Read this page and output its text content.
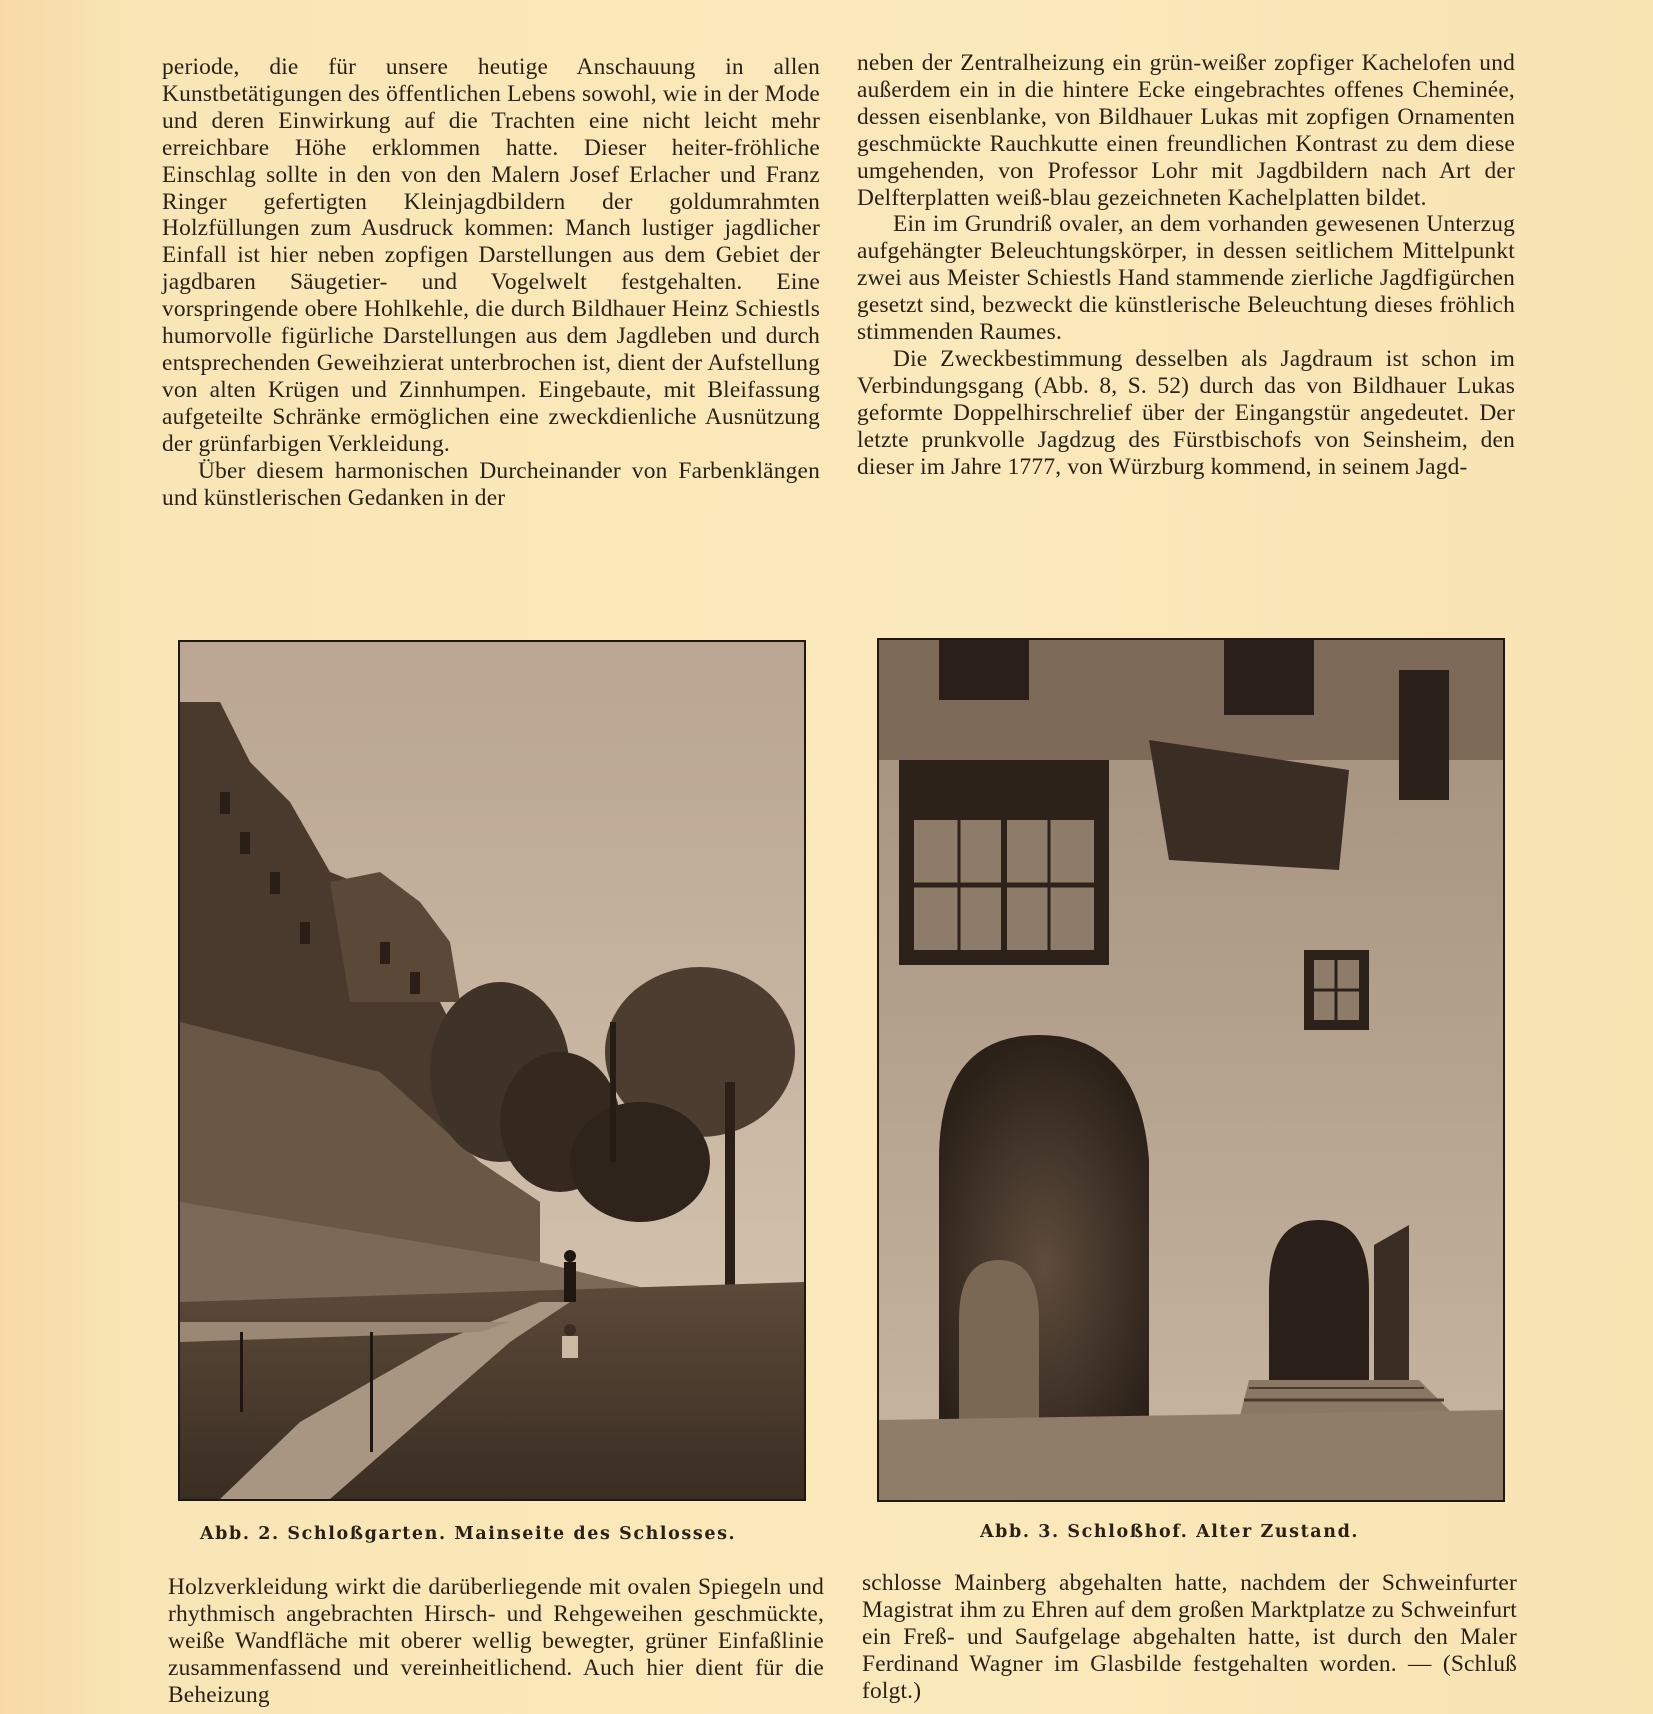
periode, die für unsere heutige Anschauung in allen Kunstbetätigungen des öffentlichen Lebens sowohl, wie in der Mode und deren Einwirkung auf die Trachten eine nicht leicht mehr erreichbare Höhe erklommen hatte. Dieser heiter-fröhliche Einschlag sollte in den von den Malern Josef Erlacher und Franz Ringer gefertigten Kleinjagdbildern der goldumrahmten Holzfüllungen zum Ausdruck kommen: Manch lustiger jagdlicher Einfall ist hier neben zopfigen Darstellungen aus dem Gebiet der jagdbaren Säugetier- und Vogelwelt festgehalten. Eine vorspringende obere Hohlkehle, die durch Bildhauer Heinz Schiestls humorvolle figürliche Darstellungen aus dem Jagdleben und durch entsprechenden Geweihzierat unterbrochen ist, dient der Aufstellung von alten Krügen und Zinnhumpen. Eingebaute, mit Bleifassung aufgeteilte Schränke ermöglichen eine zweckdienliche Ausnützung der grünfarbigen Verkleidung.

Über diesem harmonischen Durcheinander von Farbenklängen und künstlerischen Gedanken in der

neben der Zentralheizung ein grün-weißer zopfiger Kachelofen und außerdem ein in die hintere Ecke eingebrachtes offenes Cheminée, dessen eisenblanke, von Bildhauer Lukas mit zopfigen Ornamenten geschmückte Rauchkutte einen freundlichen Kontrast zu dem diese umgehenden, von Professor Lohr mit Jagdbildern nach Art der Delfterplatten weiß-blau gezeichneten Kachelplatten bildet.

Ein im Grundriß ovaler, an dem vorhanden gewesenen Unterzug aufgehängter Beleuchtungskörper, in dessen seitlichem Mittelpunkt zwei aus Meister Schiestls Hand stammende zierliche Jagdfigürchen gesetzt sind, bezweckt die künstlerische Beleuchtung dieses fröhlich stimmenden Raumes.

Die Zweckbestimmung desselben als Jagdraum ist schon im Verbindungsgang (Abb. 8, S. 52) durch das von Bildhauer Lukas geformte Doppelhirschrelief über der Eingangstür angedeutet. Der letzte prunkvolle Jagdzug des Fürstbischofs von Seinsheim, den dieser im Jahre 1777, von Würzburg kommend, in seinem Jagd-

Abb. 2. Schloßgarten. Mainseite des Schlosses.	Abb. 3. Schloßhof. Alter Zustand.

Holzverkleidung wirkt die darüberliegende mit ovalen Spiegeln und rhythmisch angebrachten Hirsch- und Rehgeweihen geschmückte, weiße Wandfläche mit oberer wellig bewegter, grüner Einfaßlinie zusammenfassend und vereinheitlichend. Auch hier dient für die Beheizung

schlosse Mainberg abgehalten hatte, nachdem der Schweinfurter Magistrat ihm zu Ehren auf dem großen Marktplatze zu Schweinfurt ein Freß- und Saufgelage abgehalten hatte, ist durch den Maler Ferdinand Wagner im Glasbilde festgehalten worden. — (Schluß folgt.)
